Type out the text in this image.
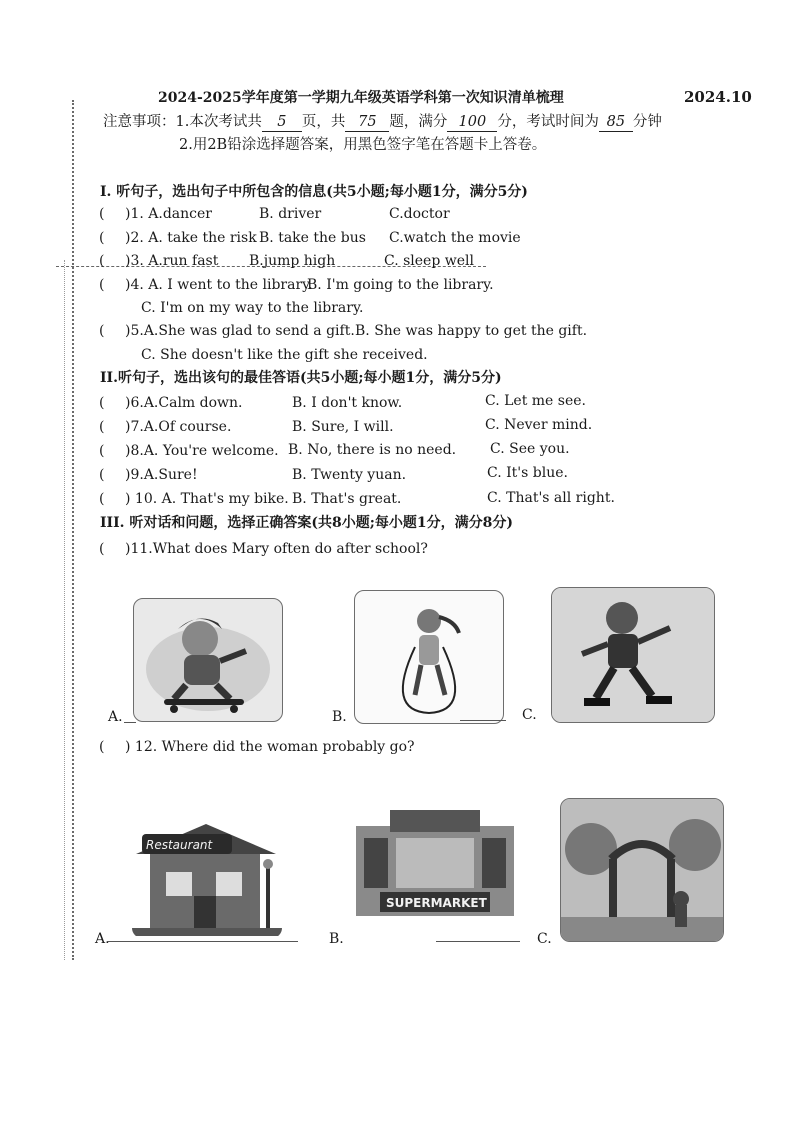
2024-2025学年度第一学期九年级英语学科第一次知识清单梳理	2024.10
注意事项：1.本次考试共 5 页，共 75 题，满分 100 分，考试时间为 85 分钟
2.用2B铅涂选择题答案，用黑色签字笔在答题卡上答卷。
I. 听句子，选出句子中所包含的信息(共5小题;每小题1分，满分5分)
( )1. A.dancer	B. driver	C.doctor
( )2. A. take the risk B. take the bus C.watch the movie
( )3. A.run fast B.jump high	C. sleep well
( )4. A. I went to the library.
B. I'm going to the library.
C. I'm on my way to the library.
( )5.A.She was glad to send a gift. B. She was happy to get the gift.
C. She doesn't like the gift she received.
II.听句子，选出该句的最佳答语(共5小题;每小题1分，满分5分)
( )6.A.Calm down.	B. I don't know.	C. Let me see.
( )7.A.Of course.	B. Sure, I will.	C. Never mind.
( )8.A. You're welcome. B. No, there is no need. C. See you.
( )9.A.Sure!	B. Twenty yuan.	C. It's blue.
( ) 10. A. That's my bike. B. That's great.	C. That's all right.
III. 听对话和问题，选择正确答案(共8小题;每小题1分，满分8分)
( )11.What does Mary often do after school?
A.	B.	C.
( ) 12. Where did the woman probably go?
Restaurant
SUPERMARKET
A.	B.	C.
